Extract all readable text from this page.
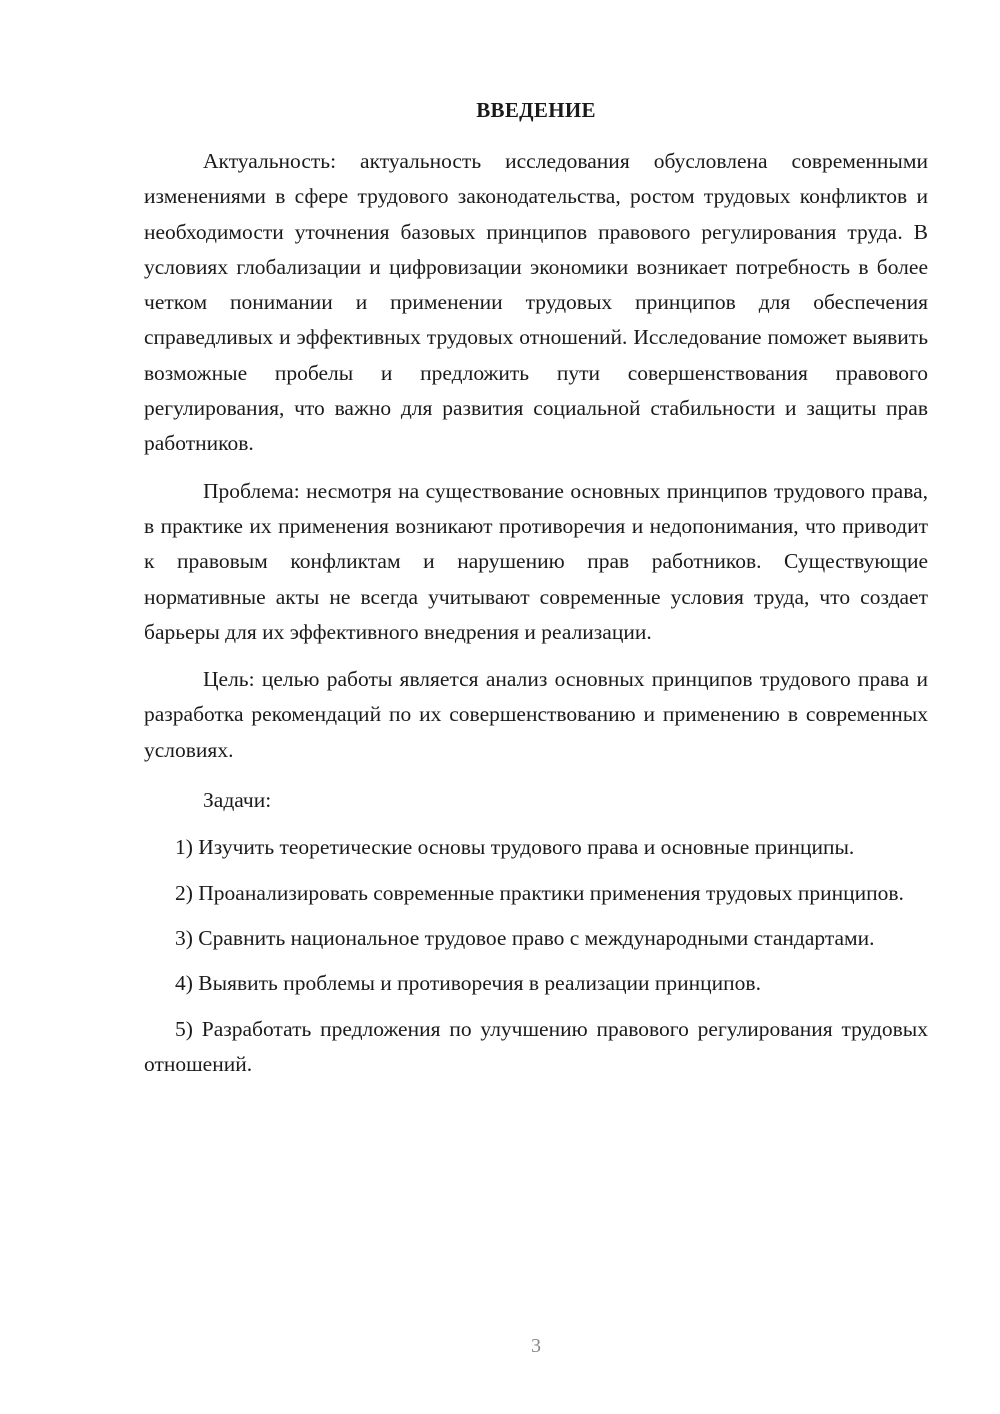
ВВЕДЕНИЕ

Актуальность: актуальность исследования обусловлена современными изменениями в сфере трудового законодательства, ростом трудовых конфликтов и необходимости уточнения базовых принципов правового регулирования труда. В условиях глобализации и цифровизации экономики возникает потребность в более четком понимании и применении трудовых принципов для обеспечения справедливых и эффективных трудовых отношений. Исследование поможет выявить возможные пробелы и предложить пути совершенствования правового регулирования, что важно для развития социальной стабильности и защиты прав работников.

Проблема: несмотря на существование основных принципов трудового права, в практике их применения возникают противоречия и недопонимания, что приводит к правовым конфликтам и нарушению прав работников. Существующие нормативные акты не всегда учитывают современные условия труда, что создает барьеры для их эффективного внедрения и реализации.

Цель: целью работы является анализ основных принципов трудового права и разработка рекомендаций по их совершенствованию и применению в современных условиях.

Задачи:

1) Изучить теоретические основы трудового права и основные принципы.

2) Проанализировать современные практики применения трудовых принципов.

3) Сравнить национальное трудовое право с международными стандартами.

4) Выявить проблемы и противоречия в реализации принципов.

5) Разработать предложения по улучшению правового регулирования трудовых отношений.

3
